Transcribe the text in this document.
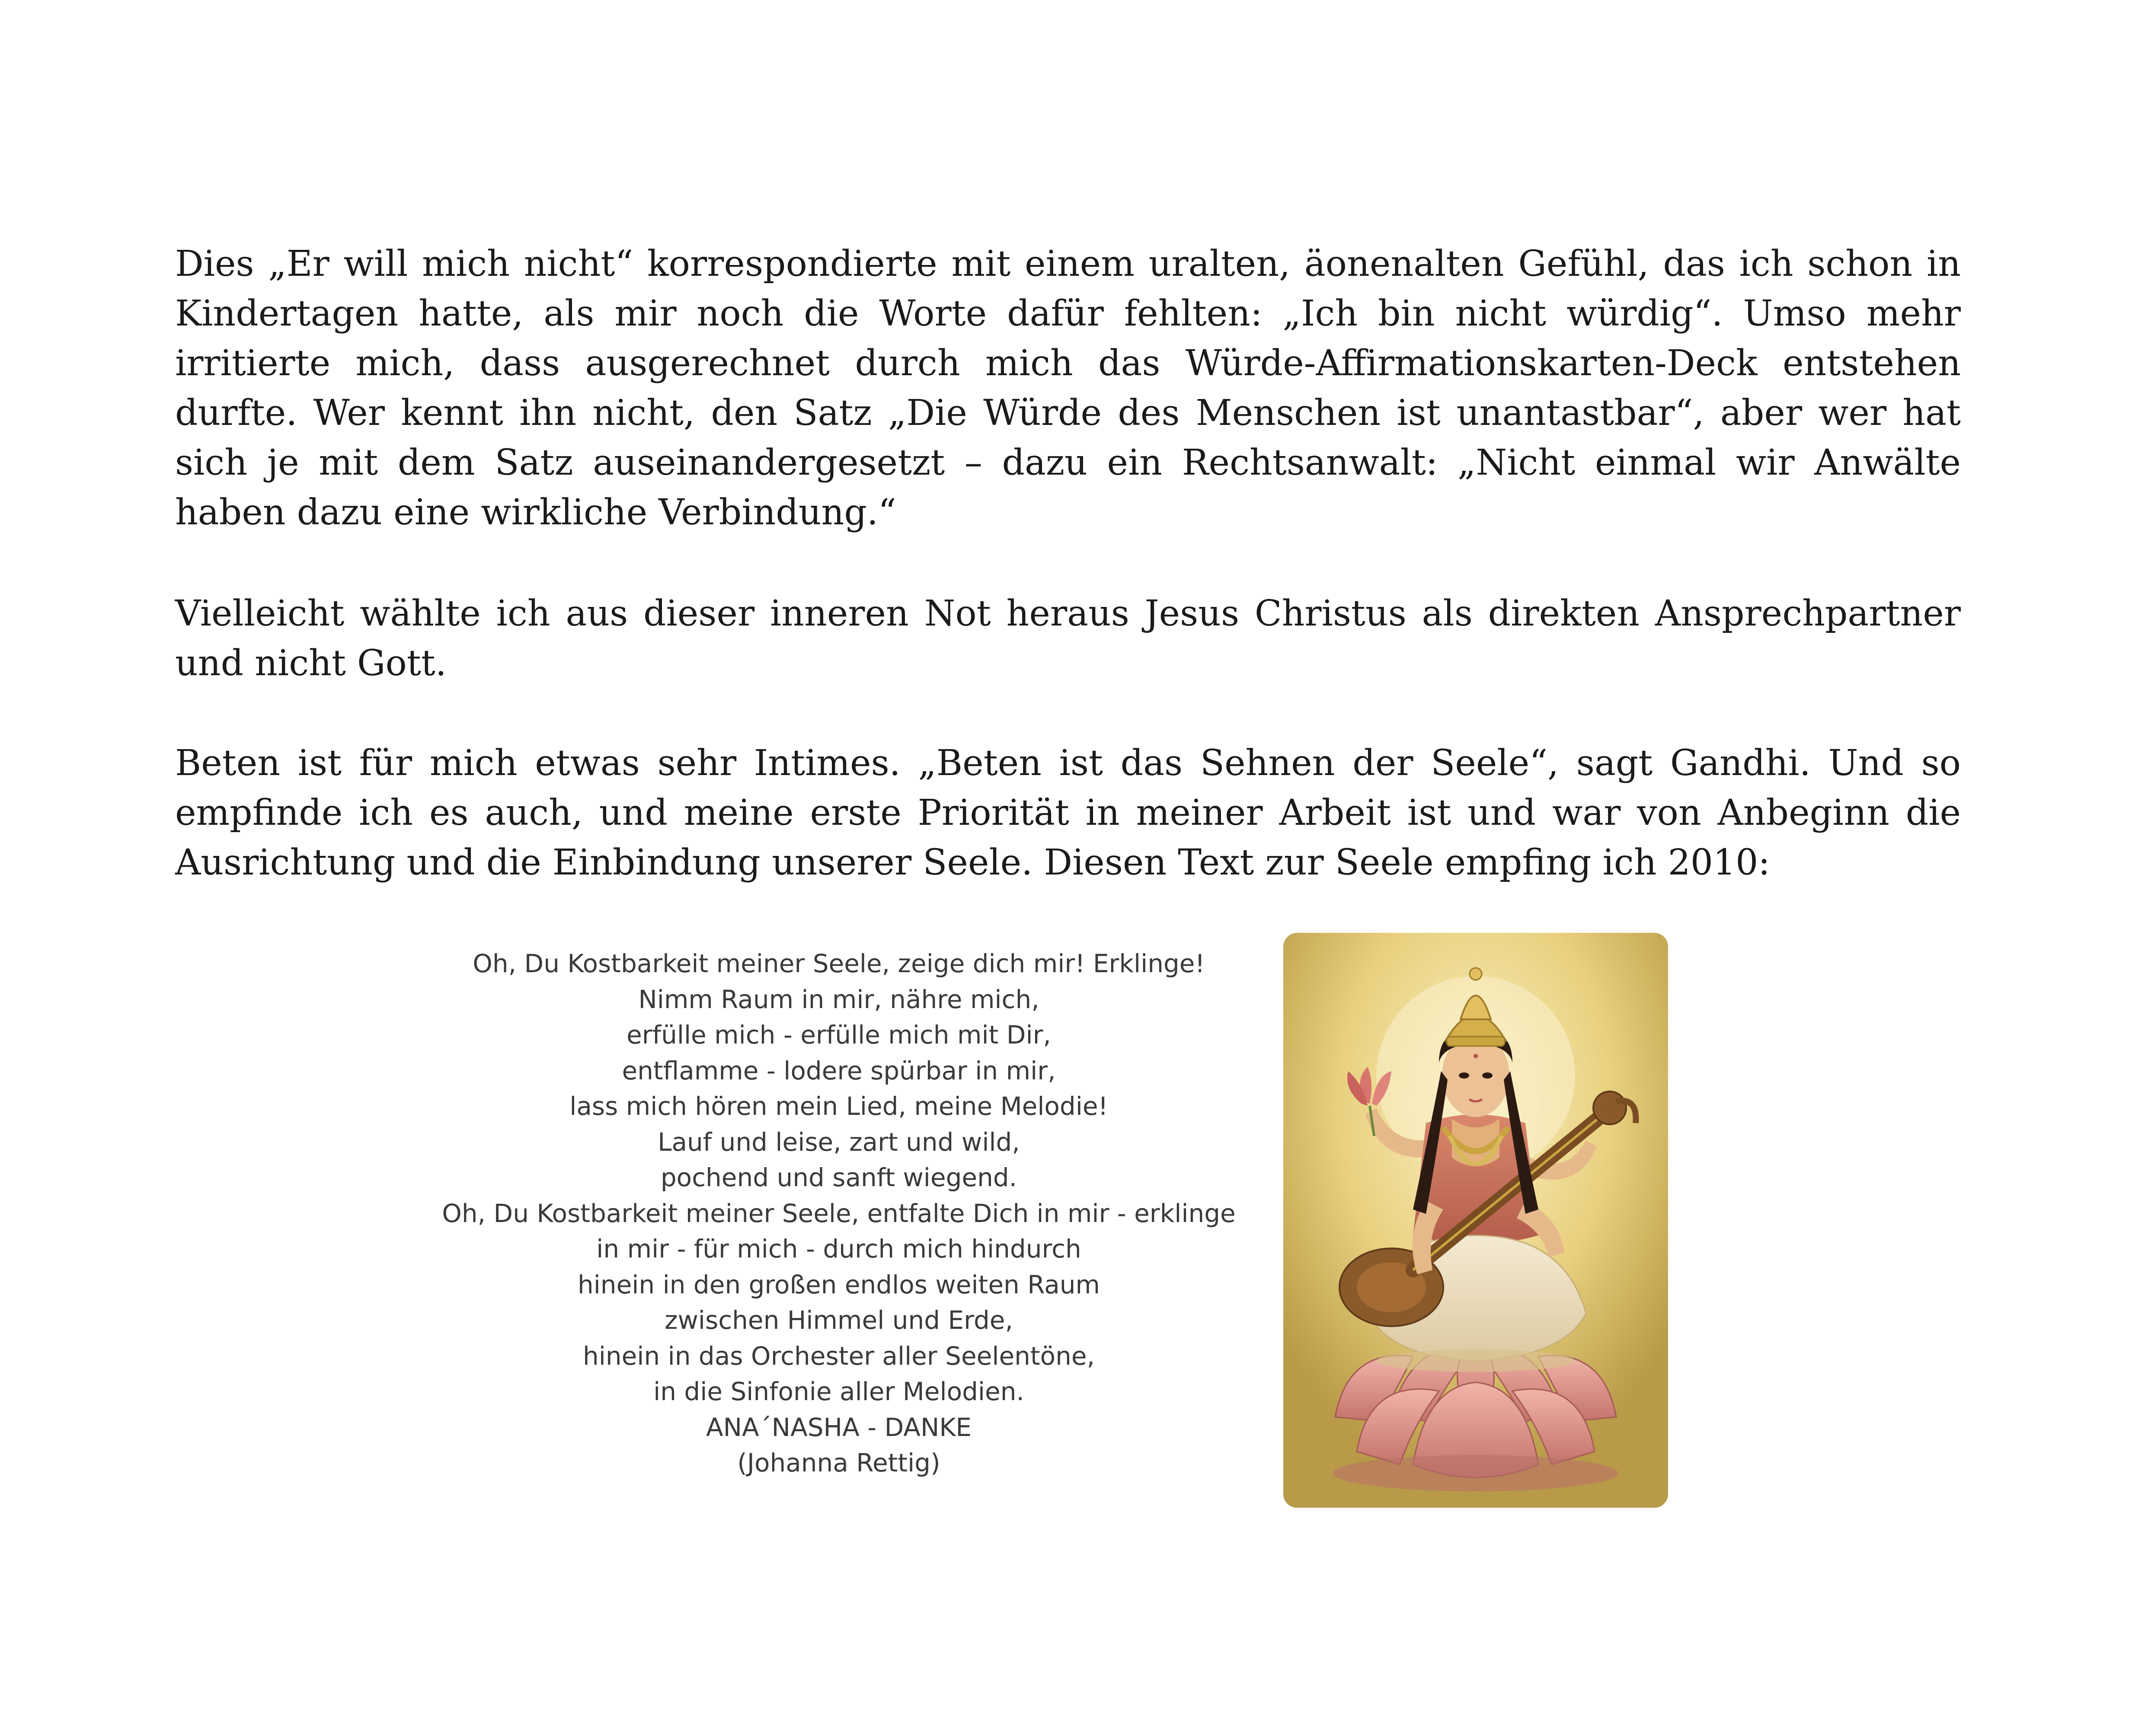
Dies „Er will mich nicht“ korrespondierte mit einem uralten, äonenalten Gefühl, das ich schon in Kindertagen hatte, als mir noch die Worte dafür fehlten: „Ich bin nicht würdig“. Umso mehr irritierte mich, dass ausgerechnet durch mich das Würde-Affirmationskarten-Deck entstehen durfte. Wer kennt ihn nicht, den Satz „Die Würde des Menschen ist unantastbar“, aber wer hat sich je mit dem Satz auseinandergesetzt – dazu ein Rechtsanwalt: „Nicht einmal wir Anwälte haben dazu eine wirkliche Verbindung.“

Vielleicht wählte ich aus dieser inneren Not heraus Jesus Christus als direkten Ansprechpartner und nicht Gott.

Beten ist für mich etwas sehr Intimes. „Beten ist das Sehnen der Seele“, sagt Gandhi. Und so empfinde ich es auch, und meine erste Priorität in meiner Arbeit ist und war von Anbeginn die Ausrichtung und die Einbindung unserer Seele. Diesen Text zur Seele empfing ich 2010:

Oh, Du Kostbarkeit meiner Seele, zeige dich mir! Erklinge!
Nimm Raum in mir, nähre mich,
erfülle mich - erfülle mich mit Dir,
entflamme - lodere spürbar in mir,
lass mich hören mein Lied, meine Melodie!
Lauf und leise, zart und wild,
pochend und sanft wiegend.
Oh, Du Kostbarkeit meiner Seele, entfalte Dich in mir - erklinge
in mir - für mich - durch mich hindurch
hinein in den großen endlos weiten Raum
zwischen Himmel und Erde,
hinein in das Orchester aller Seelentöne,
in die Sinfonie aller Melodien.
ANA´NASHA - DANKE
(Johanna Rettig)
